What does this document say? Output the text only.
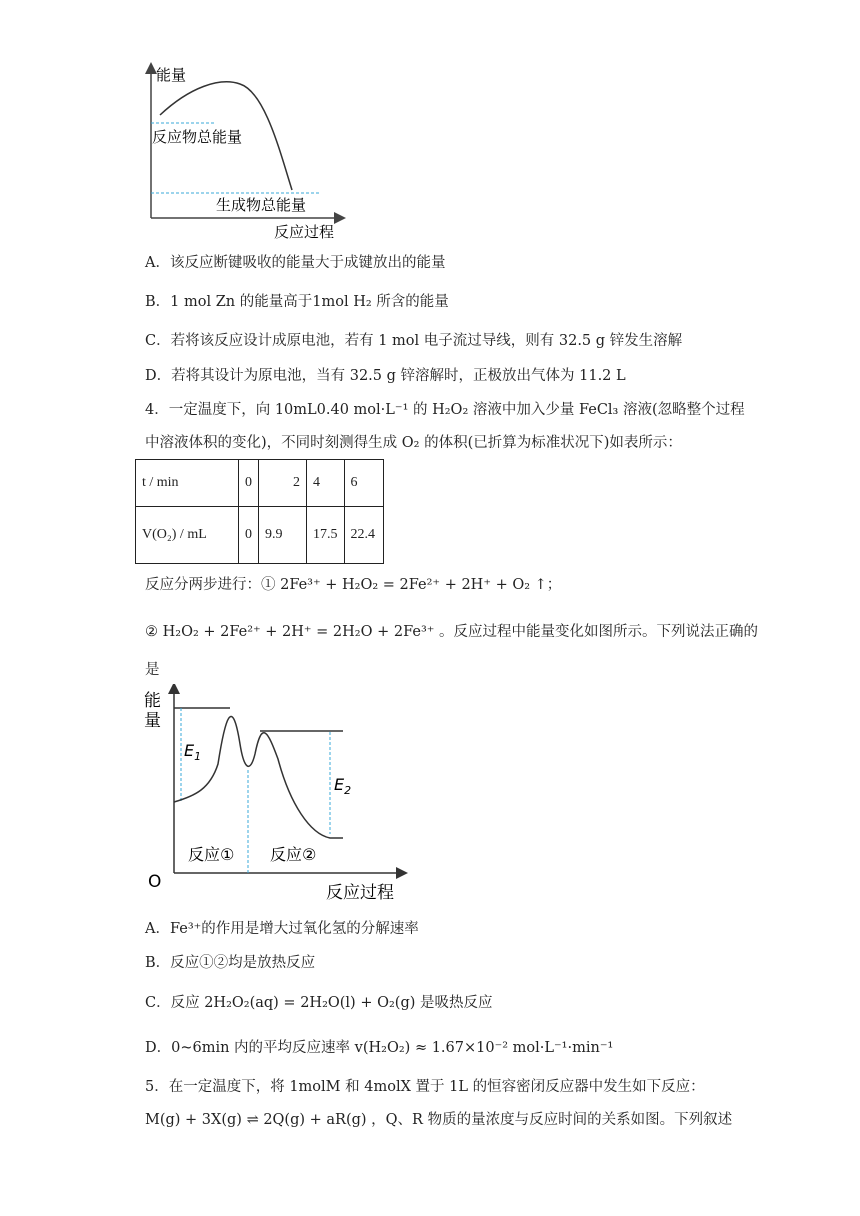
能量
反应物总能量
生成物总能量
反应过程
A．该反应断键吸收的能量大于成键放出的能量
B．1 mol Zn 的能量高于1mol H₂ 所含的能量
C．若将该反应设计成原电池，若有 1 mol 电子流过导线，则有 32.5 g 锌发生溶解
D．若将其设计为原电池，当有 32.5 g 锌溶解时，正极放出气体为 11.2 L
4．一定温度下，向 10mL0.40 mol·L⁻¹ 的 H₂O₂ 溶液中加入少量 FeCl₃ 溶液(忽略整个过程
中溶液体积的变化)，不同时刻测得生成 O₂ 的体积(已折算为标准状况下)如表所示：
t / min	0	2	4	6
V(O₂) / mL	0	9.9	17.5	22.4
反应分两步进行：① 2Fe³⁺ + H₂O₂ = 2Fe²⁺ + 2H⁺ + O₂ ↑；
② H₂O₂ + 2Fe²⁺ + 2H⁺ = 2H₂O + 2Fe³⁺ 。反应过程中能量变化如图所示。下列说法正确的
是
能
量
O
$E_1$
$E_2$
反应① 反应②
反应过程
A．Fe³⁺的作用是增大过氧化氢的分解速率
B．反应①②均是放热反应
C．反应 2H₂O₂(aq) = 2H₂O(l) + O₂(g) 是吸热反应
D．0~6min 内的平均反应速率 v(H₂O₂) ≈ 1.67×10⁻² mol·L⁻¹·min⁻¹
5．在一定温度下，将 1molM 和 4molX 置于 1L 的恒容密闭反应器中发生如下反应：
M(g) + 3X(g) ⇌ 2Q(g) + aR(g) ，Q、R 物质的量浓度与反应时间的关系如图。下列叙述
